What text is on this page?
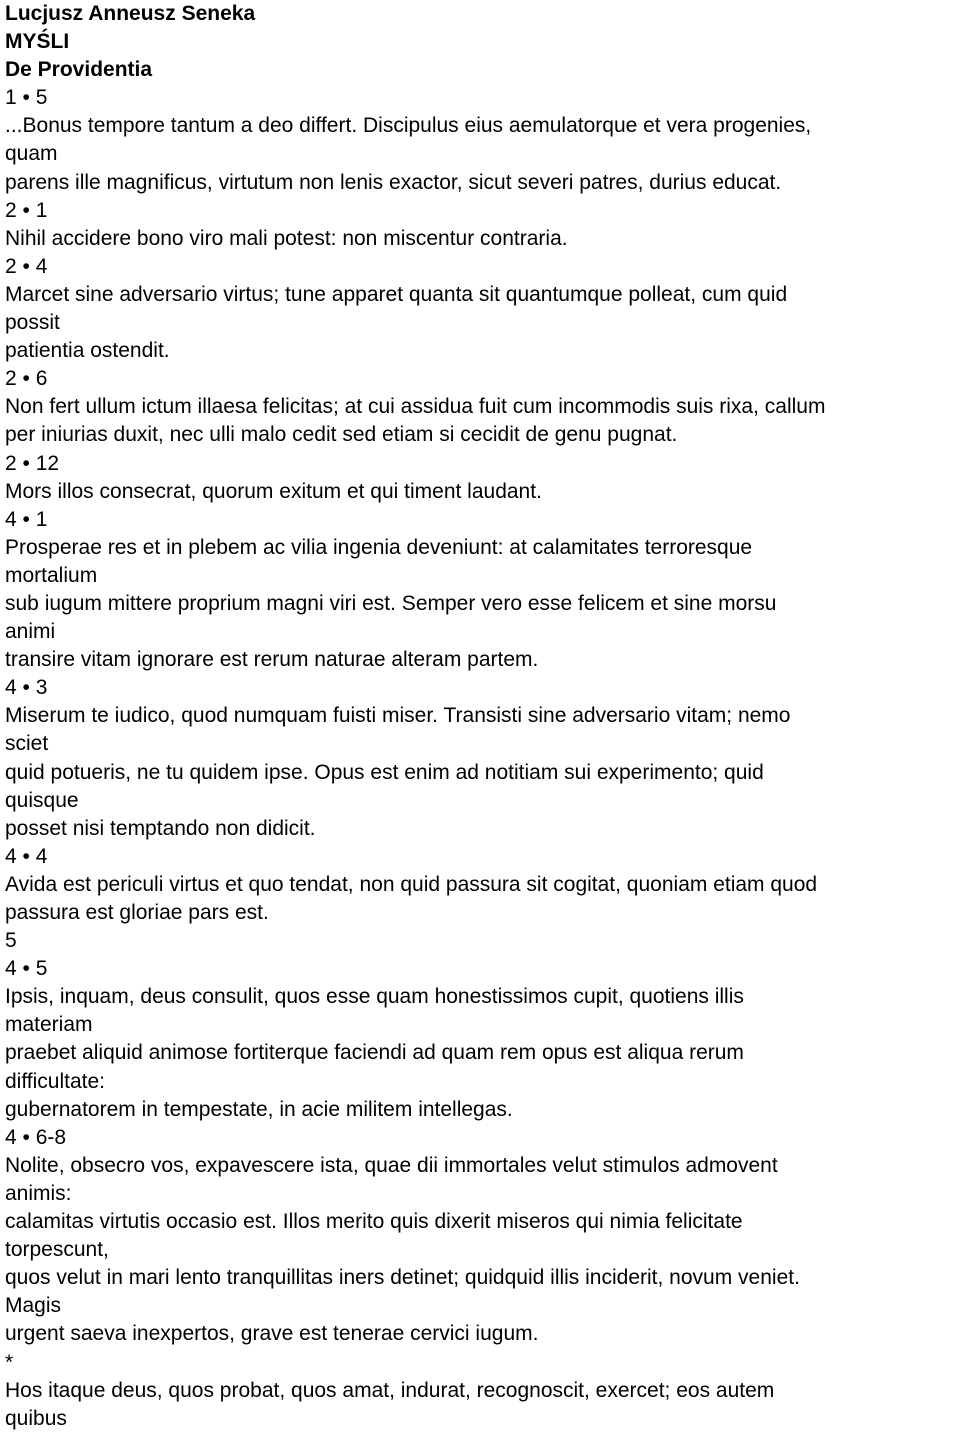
Lucjusz Anneusz Seneka
MYŚLI
De Providentia
1 • 5
...Bonus tempore tantum a deo differt. Discipulus eius aemulatorque et vera progenies,
quam
parens ille magnificus, virtutum non lenis exactor, sicut severi patres, durius educat.
2 • 1
Nihil accidere bono viro mali potest: non miscentur contraria.
2 • 4
Marcet sine adversario virtus; tune apparet quanta sit quantumque polleat, cum quid
possit
patientia ostendit.
2 • 6
Non fert ullum ictum illaesa felicitas; at cui assidua fuit cum incommodis suis rixa, callum
per iniurias duxit, nec ulli malo cedit sed etiam si cecidit de genu pugnat.
2 • 12
Mors illos consecrat, quorum exitum et qui timent laudant.
4 • 1
Prosperae res et in plebem ac vilia ingenia deveniunt: at calamitates terroresque
mortalium
sub iugum mittere proprium magni viri est. Semper vero esse felicem et sine morsu
animi
transire vitam ignorare est rerum naturae alteram partem.
4 • 3
Miserum te iudico, quod numquam fuisti miser. Transisti sine adversario vitam; nemo
sciet
quid potueris, ne tu quidem ipse. Opus est enim ad notitiam sui experimento; quid
quisque
posset nisi temptando non didicit.
4 • 4
Avida est periculi virtus et quo tendat, non quid passura sit cogitat, quoniam etiam quod
passura est gloriae pars est.
5
4 • 5
Ipsis, inquam, deus consulit, quos esse quam honestissimos cupit, quotiens illis
materiam
praebet aliquid animose fortiterque faciendi ad quam rem opus est aliqua rerum
difficultate:
gubernatorem in tempestate, in acie militem intellegas.
4 • 6-8
Nolite, obsecro vos, expavescere ista, quae dii immortales velut stimulos admovent
animis:
calamitas virtutis occasio est. Illos merito quis dixerit miseros qui nimia felicitate
torpescunt,
quos velut in mari lento tranquillitas iners detinet; quidquid illis inciderit, novum veniet.
Magis
urgent saeva inexpertos, grave est tenerae cervici iugum.
*
Hos itaque deus, quos probat, quos amat, indurat, recognoscit, exercet; eos autem
quibus
